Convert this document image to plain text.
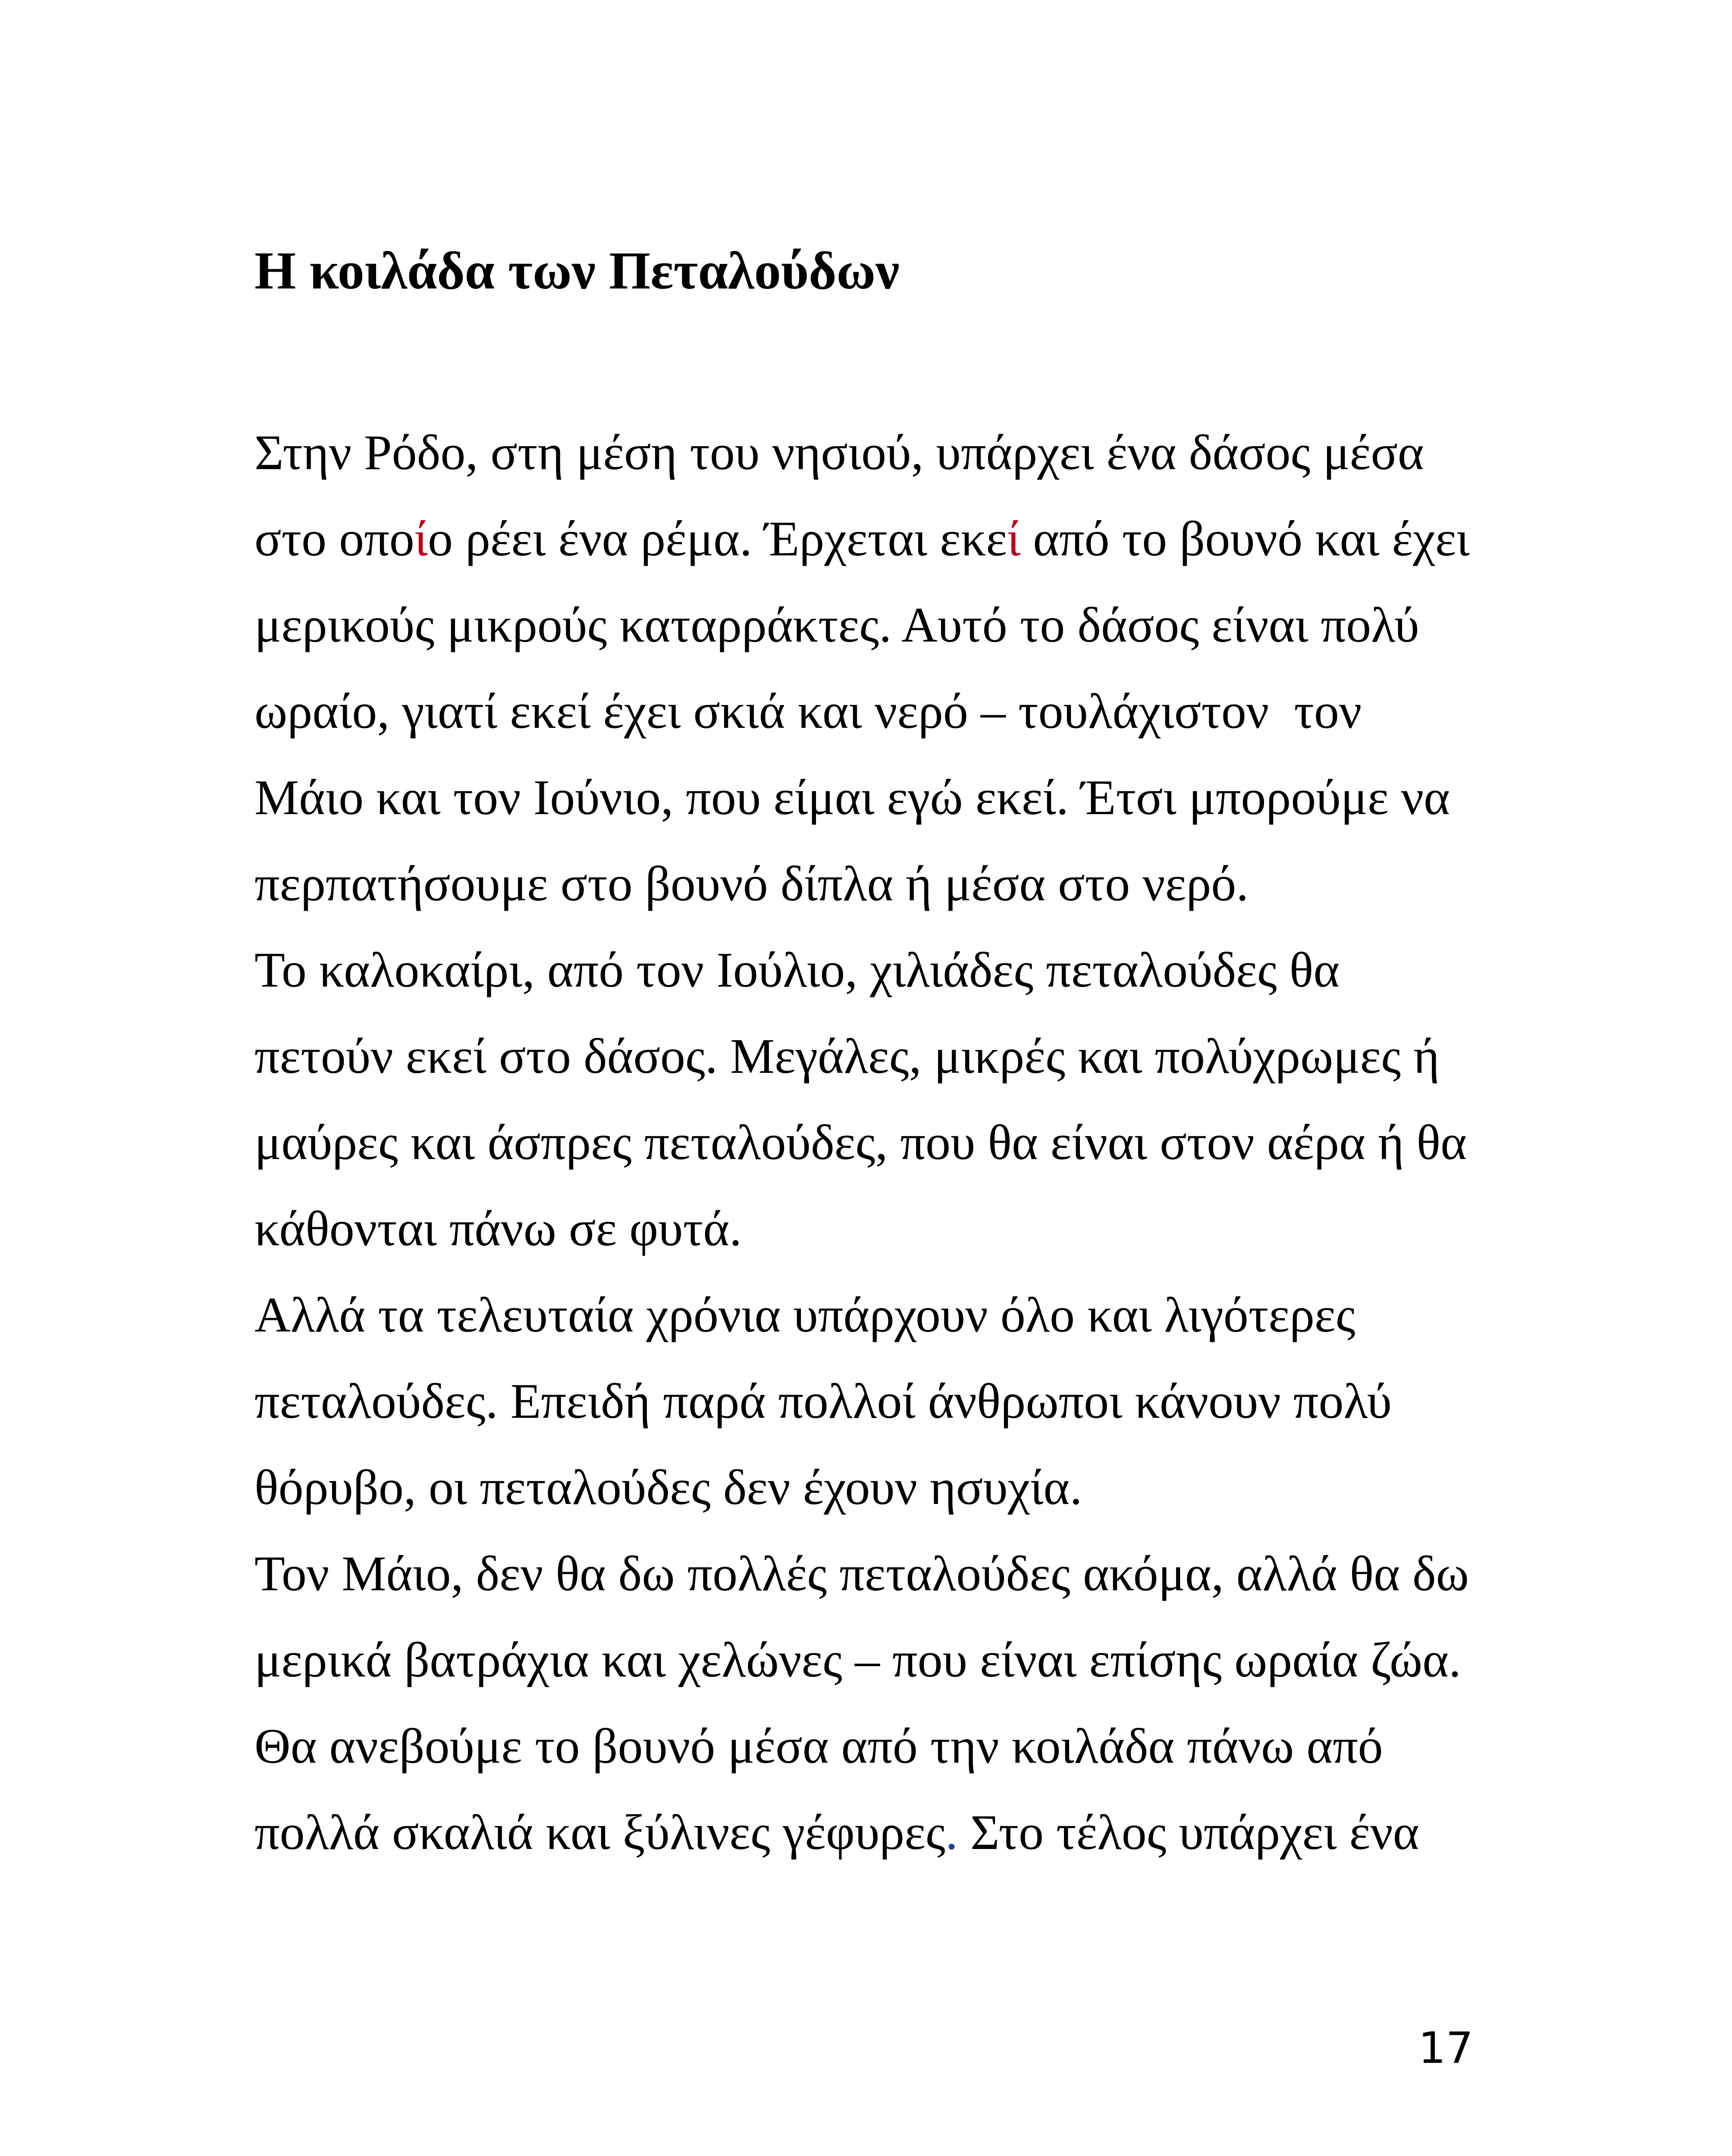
Η κοιλάδα των Πεταλούδων
Στην Ρόδο, στη μέση του νησιού, υπάρχει ένα δάσος μέσα
στο οποίο ρέει ένα ρέμα. Έρχεται εκεί από το βουνό και έχει
μερικούς μικρούς καταρράκτες. Αυτό το δάσος είναι πολύ
ωραίο, γιατί εκεί έχει σκιά και νερό – τουλάχιστον  τον
Μάιο και τον Ιούνιο, που είμαι εγώ εκεί. Έτσι μπορούμε να
περπατήσουμε στο βουνό δίπλα ή μέσα στο νερό.
Το καλοκαίρι, από τον Ιούλιο, χιλιάδες πεταλούδες θα
πετούν εκεί στο δάσος. Μεγάλες, μικρές και πολύχρωμες ή
μαύρες και άσπρες πεταλούδες, που θα είναι στον αέρα ή θα
κάθονται πάνω σε φυτά.
Αλλά τα τελευταία χρόνια υπάρχουν όλο και λιγότερες
πεταλούδες. Επειδή παρά πολλοί άνθρωποι κάνουν πολύ
θόρυβο, οι πεταλούδες δεν έχουν ησυχία.
Τον Μάιο, δεν θα δω πολλές πεταλούδες ακόμα, αλλά θα δω
μερικά βατράχια και χελώνες – που είναι επίσης ωραία ζώα.
Θα ανεβούμε το βουνό μέσα από την κοιλάδα πάνω από
πολλά σκαλιά και ξύλινες γέφυρες. Στο τέλος υπάρχει ένα
17
